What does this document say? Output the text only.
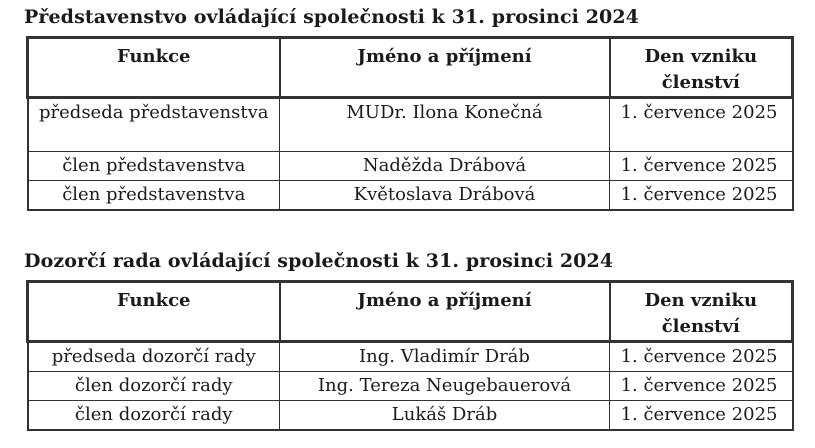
Představenstvo ovládající společnosti k 31. prosinci 2024
Funkce	Jméno a příjmení	Den vzniku členství
předseda představenstva	MUDr. Ilona Konečná	1. července 2025
člen představenstva	Naděžda Drábová	1. července 2025
člen představenstva	Květoslava Drábová	1. července 2025
Dozorčí rada ovládající společnosti k 31. prosinci 2024
Funkce	Jméno a příjmení	Den vzniku členství
předseda dozorčí rady	Ing. Vladimír Dráb	1. července 2025
člen dozorčí rady	Ing. Tereza Neugebauerová	1. července 2025
člen dozorčí rady	Lukáš Dráb	1. července 2025
